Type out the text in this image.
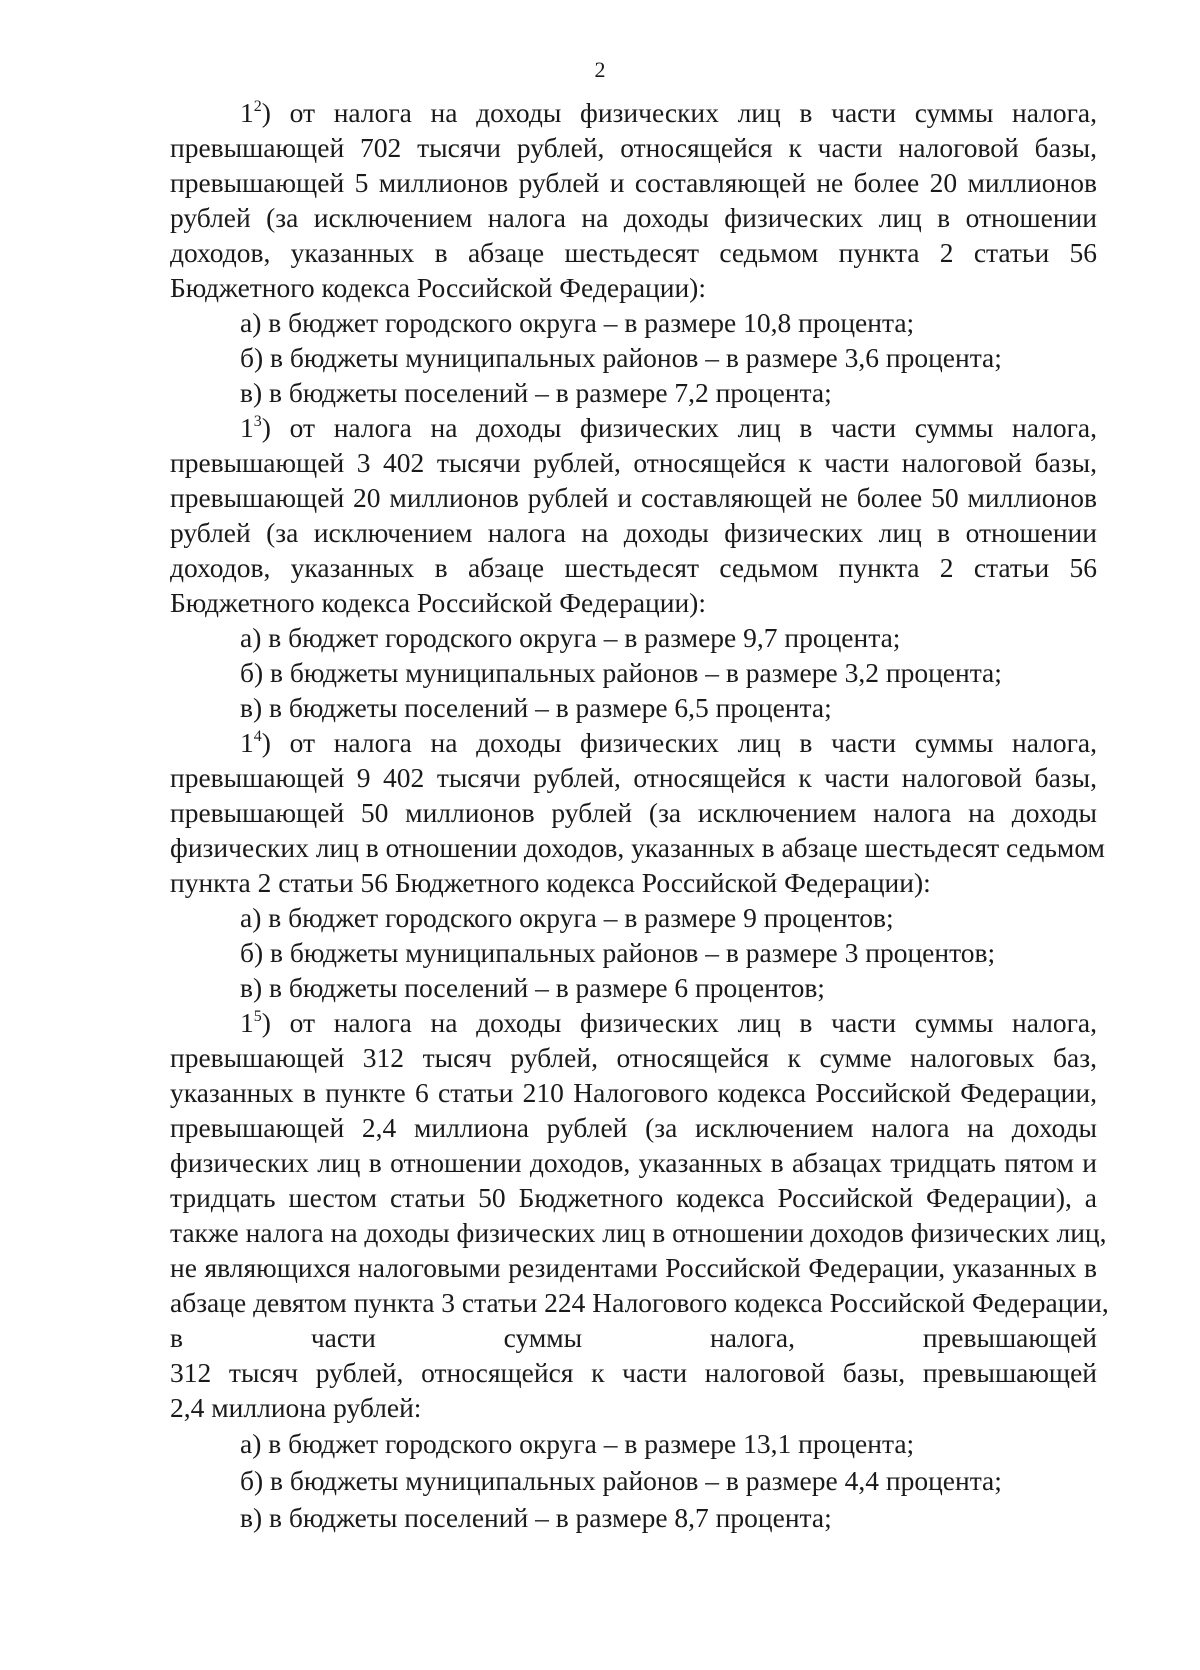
2
$1^2$) от налога на доходы физических лиц в части суммы налога,
превышающей 702 тысячи рублей, относящейся к части налоговой базы,
превышающей 5 миллионов рублей и составляющей не более 20 миллионов
рублей (за исключением налога на доходы физических лиц в отношении
доходов, указанных в абзаце шестьдесят седьмом пункта 2 статьи 56
Бюджетного кодекса Российской Федерации):
а) в бюджет городского округа – в размере 10,8 процента;
б) в бюджеты муниципальных районов – в размере 3,6 процента;
в) в бюджеты поселений – в размере 7,2 процента;
$1^3$) от налога на доходы физических лиц в части суммы налога,
превышающей 3 402 тысячи рублей, относящейся к части налоговой базы,
превышающей 20 миллионов рублей и составляющей не более 50 миллионов
рублей (за исключением налога на доходы физических лиц в отношении
доходов, указанных в абзаце шестьдесят седьмом пункта 2 статьи 56
Бюджетного кодекса Российской Федерации):
а) в бюджет городского округа – в размере 9,7 процента;
б) в бюджеты муниципальных районов – в размере 3,2 процента;
в) в бюджеты поселений – в размере 6,5 процента;
$1^4$) от налога на доходы физических лиц в части суммы налога,
превышающей 9 402 тысячи рублей, относящейся к части налоговой базы,
превышающей 50 миллионов рублей (за исключением налога на доходы
физических лиц в отношении доходов, указанных в абзаце шестьдесят седьмом
пункта 2 статьи 56 Бюджетного кодекса Российской Федерации):
а) в бюджет городского округа – в размере 9 процентов;
б) в бюджеты муниципальных районов – в размере 3 процентов;
в) в бюджеты поселений – в размере 6 процентов;
$1^5$) от налога на доходы физических лиц в части суммы налога,
превышающей 312 тысяч рублей, относящейся к сумме налоговых баз,
указанных в пункте 6 статьи 210 Налогового кодекса Российской Федерации,
превышающей 2,4 миллиона рублей (за исключением налога на доходы
физических лиц в отношении доходов, указанных в абзацах тридцать пятом и
тридцать шестом статьи 50 Бюджетного кодекса Российской Федерации), а
также налога на доходы физических лиц в отношении доходов физических лиц,
не являющихся налоговыми резидентами Российской Федерации, указанных в
абзаце девятом пункта 3 статьи 224 Налогового кодекса Российской Федерации,
в части суммы налога, превышающей
312 тысяч рублей, относящейся к части налоговой базы, превышающей
2,4 миллиона рублей:
а) в бюджет городского округа – в размере 13,1 процента;
б) в бюджеты муниципальных районов – в размере 4,4 процента;
в) в бюджеты поселений – в размере 8,7 процента;
